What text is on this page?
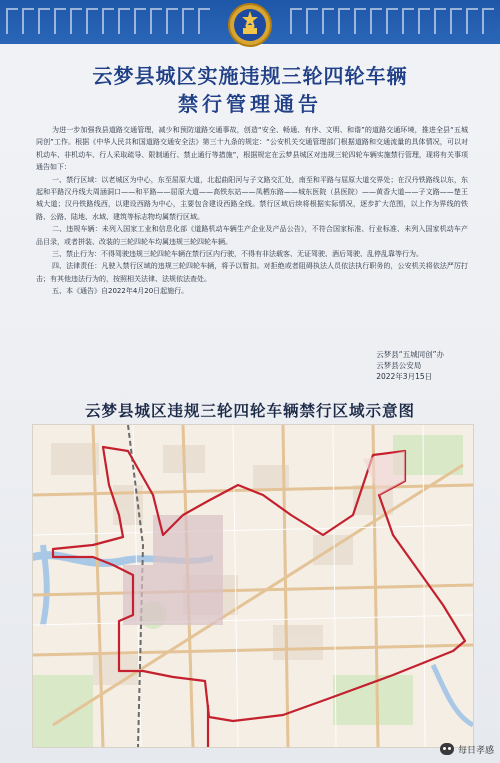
云梦县城区实施违规三轮四轮车辆
禁行管理通告

为进一步加强我县道路交通管理，减少和预防道路交通事故，创造“安全、畅通、有序、文明、和谐”的道路交通环境，推进全县“五城同创”工作。根据《中华人民共和国道路交通安全法》第三十九条的规定：“公安机关交通管理部门根据道路和交通流量的具体情况，可以对机动车、非机动车、行人采取疏导、限制通行、禁止通行等措施”，根据规定在云梦县城区对违规三轮四轮车辆实施禁行管理，现将有关事项通告如下：

一、禁行区域：以老城区为中心，东至屈原大道，北起曲阳河与子文路交汇处，南至和平路与屈原大道交界处；在汉丹铁路线以东，东起和平路汉丹线大周涵洞口——和平路——屈原大道——高铁东站——凤栖东路——城东医院（县医院）——黄香大道——子文路——楚王城大道；汉丹铁路线西，以建设西路为中心，主要包含建设西路全线。禁行区域后续将根据实际情况，逐步扩大范围，以上作为界线的铁路、公路、陆地、水域、建筑等标志物均属禁行区域。

二、违规车辆：未列入国家工业和信息化部《道路机动车辆生产企业及产品公告》，不符合国家标准、行业标准、未列入国家机动车产品目录，或者拼装、改装的三轮四轮车均属违规三轮四轮车辆。

三、禁止行为：不得驾驶违规三轮四轮车辆在禁行区内行驶，不得有非法载客、无证驾驶、酒后驾驶、乱停乱靠等行为。

四、法律责任：凡驶入禁行区域的违规三轮四轮车辆，将予以暂扣。对拒绝或者阻碍执法人员依法执行职务的，公安机关将依法严厉打击；有其他违法行为的，按照相关法律、法规依法查处。

五、本《通告》自2022年4月20日起施行。

云梦县“五城同创”办
云梦县公安局
2022年3月15日
云梦县城区违规三轮四轮车辆禁行区域示意图
每日孝感
